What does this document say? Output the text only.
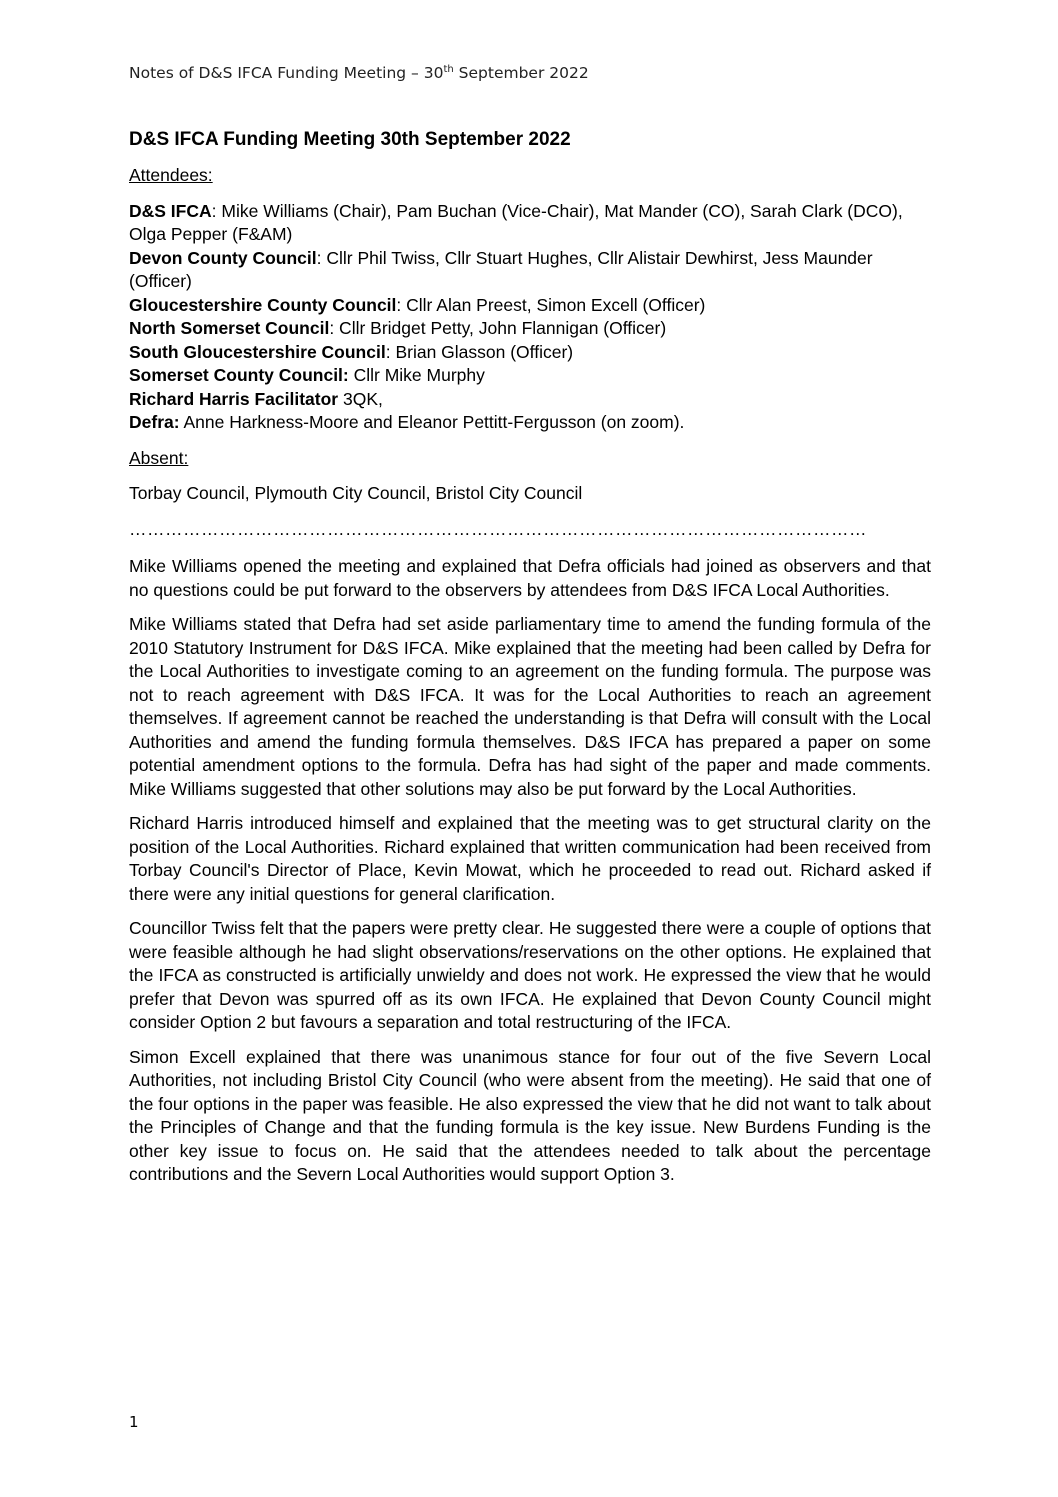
Notes of D&S IFCA Funding Meeting – 30th September 2022
D&S IFCA Funding Meeting 30th September 2022
Attendees:
D&S IFCA: Mike Williams (Chair), Pam Buchan (Vice-Chair), Mat Mander (CO), Sarah Clark (DCO), Olga Pepper (F&AM)
Devon County Council: Cllr Phil Twiss, Cllr Stuart Hughes, Cllr Alistair Dewhirst, Jess Maunder (Officer)
Gloucestershire County Council: Cllr Alan Preest, Simon Excell (Officer)
North Somerset Council: Cllr Bridget Petty, John Flannigan (Officer)
South Gloucestershire Council: Brian Glasson (Officer)
Somerset County Council: Cllr Mike Murphy
Richard Harris Facilitator 3QK,
Defra: Anne Harkness-Moore and Eleanor Pettitt-Fergusson (on zoom).
Absent:
Torbay Council, Plymouth City Council, Bristol City Council
……………………………………………………………………………………………………………

Mike Williams opened the meeting and explained that Defra officials had joined as observers and that no questions could be put forward to the observers by attendees from D&S IFCA Local Authorities.

Mike Williams stated that Defra had set aside parliamentary time to amend the funding formula of the 2010 Statutory Instrument for D&S IFCA. Mike explained that the meeting had been called by Defra for the Local Authorities to investigate coming to an agreement on the funding formula. The purpose was not to reach agreement with D&S IFCA. It was for the Local Authorities to reach an agreement themselves. If agreement cannot be reached the understanding is that Defra will consult with the Local Authorities and amend the funding formula themselves. D&S IFCA has prepared a paper on some potential amendment options to the formula. Defra has had sight of the paper and made comments. Mike Williams suggested that other solutions may also be put forward by the Local Authorities.

Richard Harris introduced himself and explained that the meeting was to get structural clarity on the position of the Local Authorities. Richard explained that written communication had been received from Torbay Council's Director of Place, Kevin Mowat, which he proceeded to read out. Richard asked if there were any initial questions for general clarification.

Councillor Twiss felt that the papers were pretty clear. He suggested there were a couple of options that were feasible although he had slight observations/reservations on the other options. He explained that the IFCA as constructed is artificially unwieldy and does not work. He expressed the view that he would prefer that Devon was spurred off as its own IFCA. He explained that Devon County Council might consider Option 2 but favours a separation and total restructuring of the IFCA.

Simon Excell explained that there was unanimous stance for four out of the five Severn Local Authorities, not including Bristol City Council (who were absent from the meeting). He said that one of the four options in the paper was feasible. He also expressed the view that he did not want to talk about the Principles of Change and that the funding formula is the key issue. New Burdens Funding is the other key issue to focus on. He said that the attendees needed to talk about the percentage contributions and the Severn Local Authorities would support Option 3.

1
